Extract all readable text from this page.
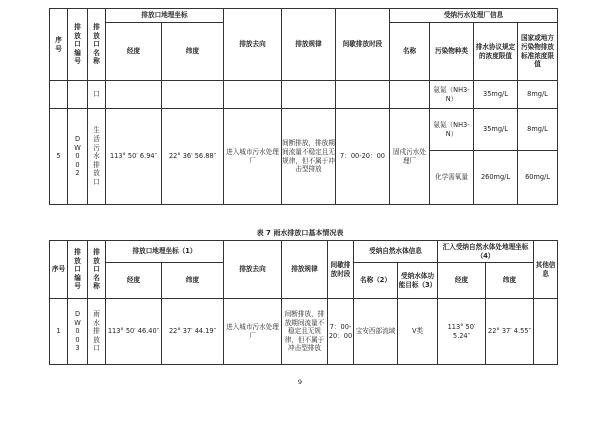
序号	排放口编号	排放口名称	排放口地理坐标		排放去向	排放规律	间歇排放时段	受纳污水处理厂信息			
			经度	纬度				名称	污染物种类	排水协议规定的浓度限值	国家或地方污染物排放标准浓度限值
		口							氨氮（NH3-N）	35mg/L	8mg/L
5	DW002	生活污水排放口	113° 50′ 6.94″	22° 36′ 56.88″	进入城市污水处理厂	间断排放，排放期间流量不稳定且无规律，但不属于冲击型排放	7：00-20：00	固戍污水处理厂	氨氮（NH3-N）	35mg/L	8mg/L
									化学需氧量	260mg/L	60mg/L
表 7 雨水排放口基本情况表
序号	排放口编号	排放口名称	排放口地理坐标（1）		排放去向	排放规律	间歇排放时段	受纳自然水体信息		汇入受纳自然水体处地理坐标（4）		其他信息
			经度	纬度				名称（2）	受纳水体功能目标（3）	经度	纬度	
1	DW003	雨水排放口	113° 50′ 46.40″	22° 37′ 44.19″	进入城市污水处理厂	间断排放，排放期间流量不稳定且无规律，但不属于冲击型排放	7：00-20：00	宝安西部流域	V类	113° 50′ 5.24″	22° 37′ 4.55″	
9
